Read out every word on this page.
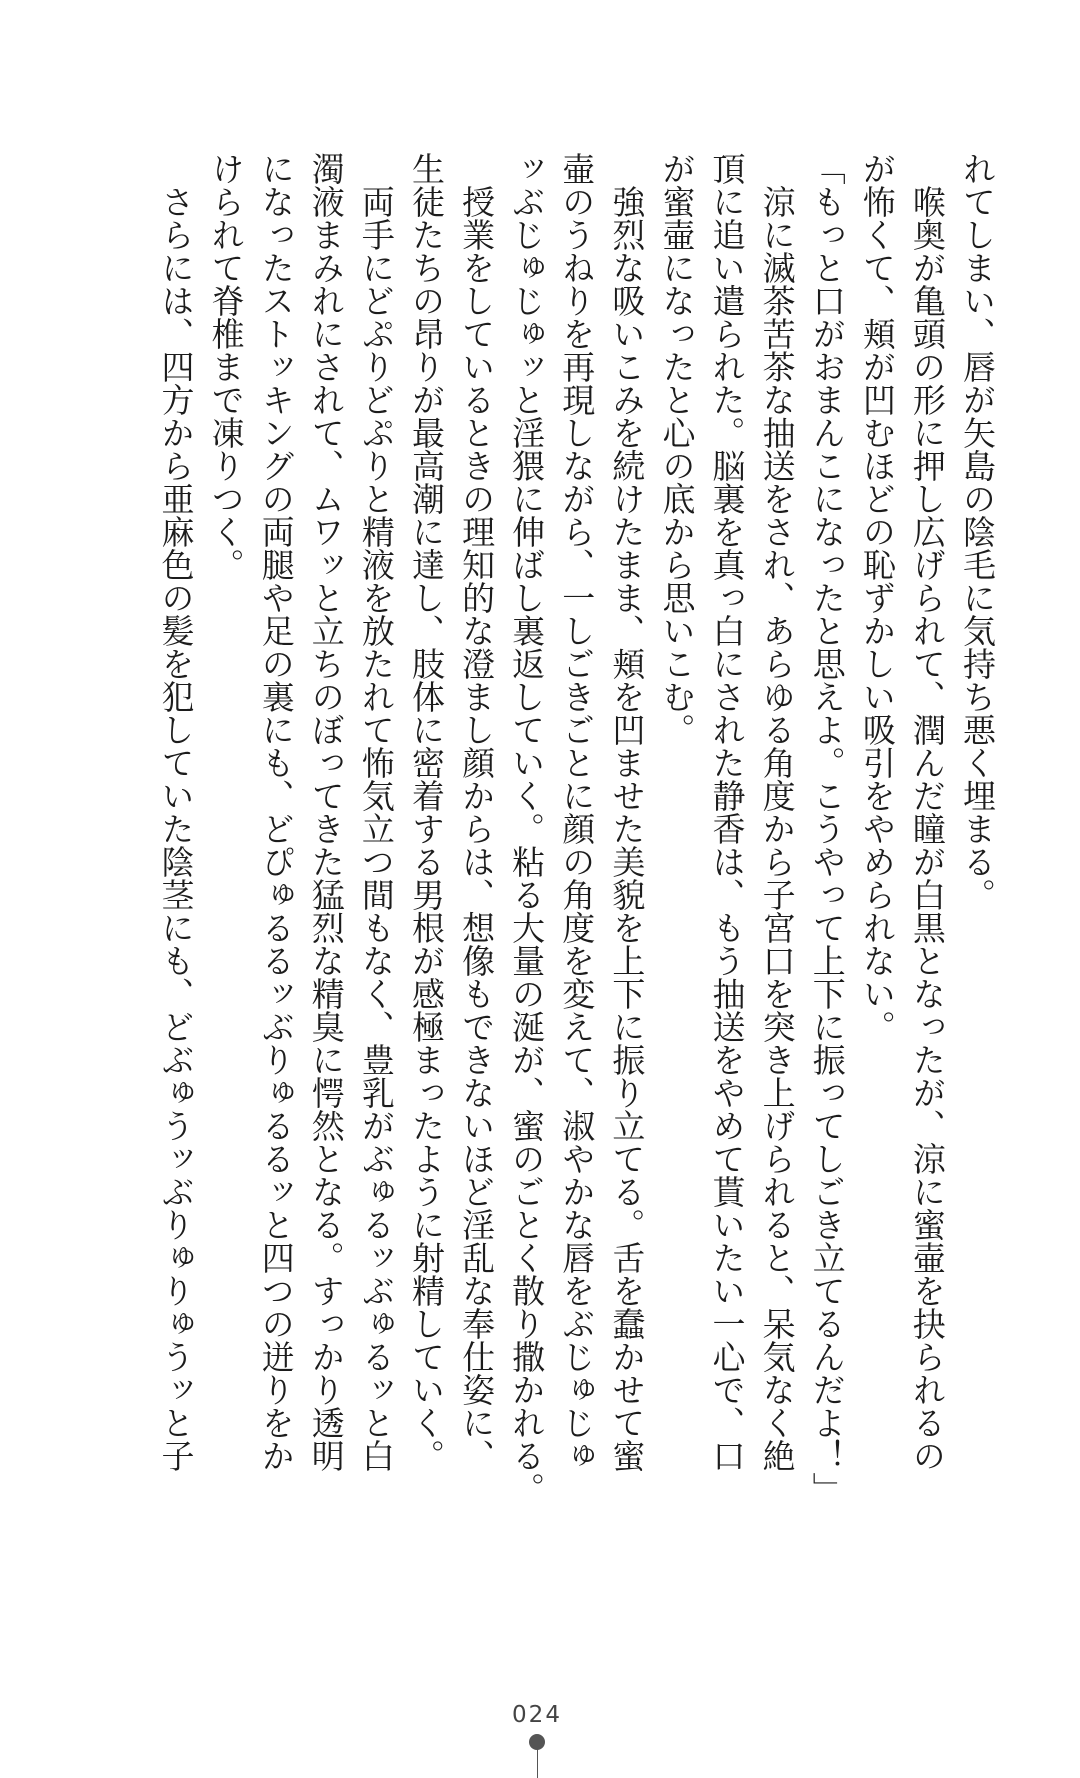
れてしまい、唇が矢島の陰毛に気持ち悪く埋まる。
　喉奥が亀頭の形に押し広げられて、潤んだ瞳が白黒となったが、涼に蜜壷を抉られるの
が怖くて、頬が凹むほどの恥ずかしい吸引をやめられない。
「もっと口がおまんこになったと思えよ。こうやって上下に振ってしごき立てるんだよ！」
　涼に滅茶苦茶な抽送をされ、あらゆる角度から子宮口を突き上げられると、呆気なく絶
頂に追い遣られた。脳裏を真っ白にされた静香は、もう抽送をやめて貰いたい一心で、口
が蜜壷になったと心の底から思いこむ。
　強烈な吸いこみを続けたまま、頬を凹ませた美貌を上下に振り立てる。舌を蠢かせて蜜
壷のうねりを再現しながら、一しごきごとに顔の角度を変えて、淑やかな唇をぶじゅじゅ
ッぶじゅじゅッと淫猥に伸ばし裏返していく。粘る大量の涎が、蜜のごとく散り撒かれる。
　授業をしているときの理知的な澄まし顔からは、想像もできないほど淫乱な奉仕姿に、
生徒たちの昂りが最高潮に達し、肢体に密着する男根が感極まったように射精していく。
　両手にどぷりどぷりと精液を放たれて怖気立つ間もなく、豊乳がぶゅるッぶゅるッと白
濁液まみれにされて、ムワッと立ちのぼってきた猛烈な精臭に愕然となる。すっかり透明
になったストッキングの両腿や足の裏にも、どぴゅるるッぶりゅるるッと四つの迸りをか
けられて脊椎まで凍りつく。
　さらには、四方から亜麻色の髪を犯していた陰茎にも、どぶゅうッぶりゅりゅうッと子
024
